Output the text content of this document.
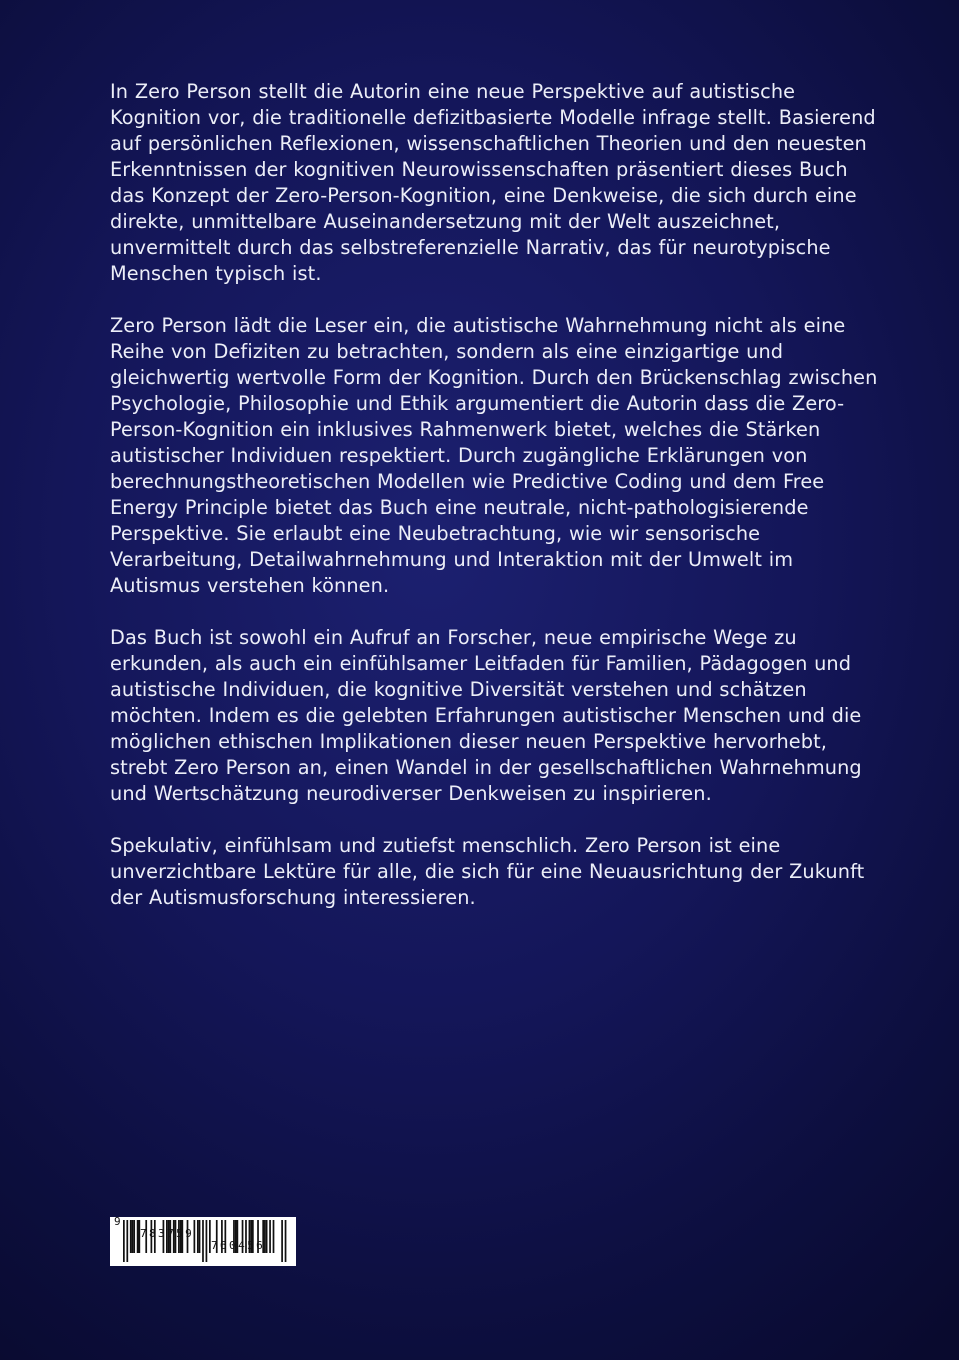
In Zero Person stellt die Autorin eine neue Perspektive auf autistische Kognition vor, die traditionelle defizitbasierte Modelle infrage stellt. Basierend auf persönlichen Reflexionen, wissenschaftlichen Theorien und den neuesten Erkenntnissen der kognitiven Neurowissenschaften präsentiert dieses Buch das Konzept der Zero-Person-Kognition, eine Denkweise, die sich durch eine direkte, unmittelbare Auseinandersetzung mit der Welt auszeichnet, unvermittelt durch das selbstreferenzielle Narrativ, das für neurotypische Menschen typisch ist.

Zero Person lädt die Leser ein, die autistische Wahrnehmung nicht als eine Reihe von Defiziten zu betrachten, sondern als eine einzigartige und gleichwertig wertvolle Form der Kognition. Durch den Brückenschlag zwischen Psychologie, Philosophie und Ethik argumentiert die Autorin dass die Zero-Person-Kognition ein inklusives Rahmenwerk bietet, welches die Stärken autistischer Individuen respektiert. Durch zugängliche Erklärungen von berechnungstheoretischen Modellen wie Predictive Coding und dem Free Energy Principle bietet das Buch eine neutrale, nicht-pathologisierende Perspektive. Sie erlaubt eine Neubetrachtung, wie wir sensorische Verarbeitung, Detailwahrnehmung und Interaktion mit der Umwelt im Autismus verstehen können.

Das Buch ist sowohl ein Aufruf an Forscher, neue empirische Wege zu erkunden, als auch ein einfühlsamer Leitfaden für Familien, Pädagogen und autistische Individuen, die kognitive Diversität verstehen und schätzen möchten. Indem es die gelebten Erfahrungen autistischer Menschen und die möglichen ethischen Implikationen dieser neuen Perspektive hervorhebt, strebt Zero Person an, einen Wandel in der gesellschaftlichen Wahrnehmung und Wertschätzung neurodiverser Denkweisen zu inspirieren.

Spekulativ, einfühlsam und zutiefst menschlich. Zero Person ist eine unverzichtbare Lektüre für alle, die sich für eine Neuausrichtung der Zukunft der Autismusforschung interessieren.

9

783759

760456
